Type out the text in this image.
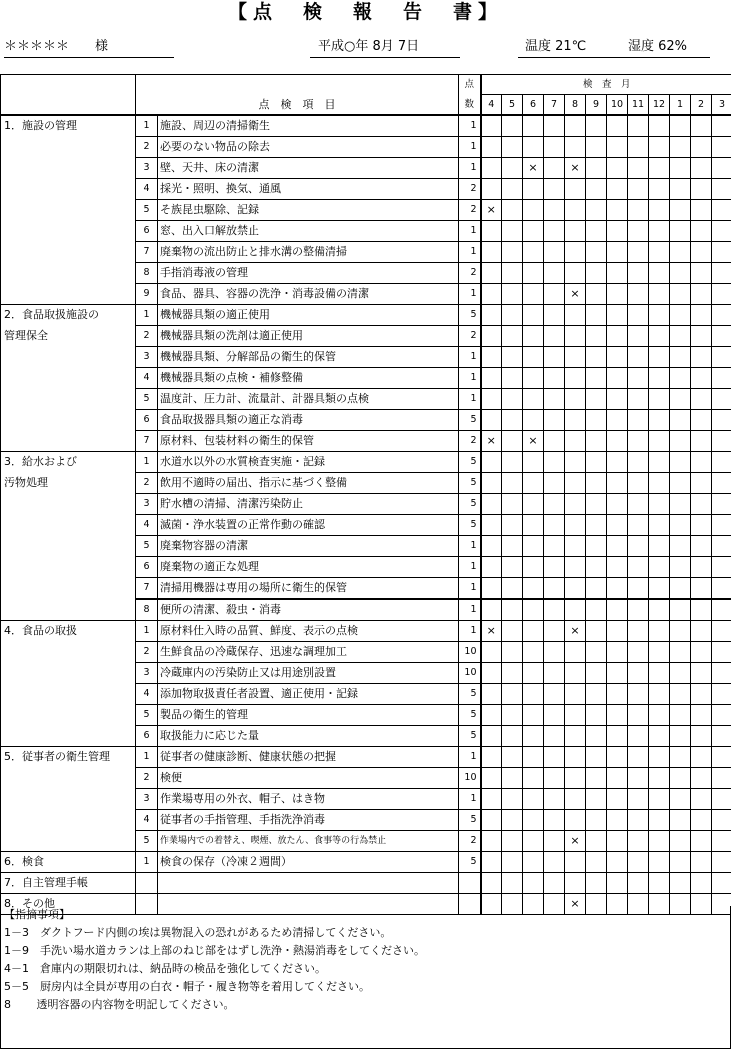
【点　検　報　告　書】
＊＊＊＊＊　　様	平成○年 8月 7日	温度 21℃	湿度 62%
			点	検　査　月											
	点　検　項　目		数	4	5	6	7	8	9	10	11	12	1	2	3
1．施設の管理	1	施設、周辺の清掃衛生	1												
	2	必要のない物品の除去	1												
	3	壁、天井、床の清潔	1			×		×							
	4	採光・照明、換気、通風	2												
	5	そ族昆虫駆除、記録	2	×											
	6	窓、出入口解放禁止	1												
	7	廃棄物の流出防止と排水溝の整備清掃	1												
	8	手指消毒液の管理	2												
	9	食品、器具、容器の洗浄・消毒設備の清潔	1					×							
2．食品取扱施設の	1	機械器具類の適正使用	5												
管理保全	2	機械器具類の洗剤は適正使用	2												
	3	機械器具類、分解部品の衛生的保管	1												
	4	機械器具類の点検・補修整備	1												
	5	温度計、圧力計、流量計、計器具類の点検	1												
	6	食品取扱器具類の適正な消毒	5												
	7	原材料、包装材料の衛生的保管	2	×		×									
3．給水および	1	水道水以外の水質検査実施・記録	5												
汚物処理	2	飲用不適時の届出、指示に基づく整備	5												
	3	貯水槽の清掃、清潔汚染防止	5												
	4	滅菌・浄水装置の正常作動の確認	5												
	5	廃棄物容器の清潔	1												
	6	廃棄物の適正な処理	1												
	7	清掃用機器は専用の場所に衛生的保管	1												
	8	便所の清潔、殺虫・消毒	1												
4．食品の取扱	1	原材料仕入時の品質、鮮度、表示の点検	1	×				×							
	2	生鮮食品の冷蔵保存、迅速な調理加工	10												
	3	冷蔵庫内の汚染防止又は用途別設置	10												
	4	添加物取扱責任者設置、適正使用・記録	5												
	5	製品の衛生的管理	5												
	6	取扱能力に応じた量	5												
5．従事者の衛生管理	1	従事者の健康診断、健康状態の把握	1												
	2	検便	10												
	3	作業場専用の外衣、帽子、はき物	1												
	4	従事者の手指管理、手指洗浄消毒	5												
	5	作業場内での着替え、喫煙、放たん、食事等の行為禁止	2					×							
6．検食	1	検食の保存（冷凍２週間）	5												
7．自主管理手帳															
8．その他								×							
【指摘事項】
1－3　ダクトフード内側の埃は異物混入の恐れがあるため清掃してください。
1－9　手洗い場水道カランは上部のねじ部をはずし洗浄・熱湯消毒をしてください。
4－1　倉庫内の期限切れは、納品時の検品を強化してください。
5－5　厨房内は全員が専用の白衣・帽子・履き物等を着用してください。
8　　 透明容器の内容物を明記してください。
